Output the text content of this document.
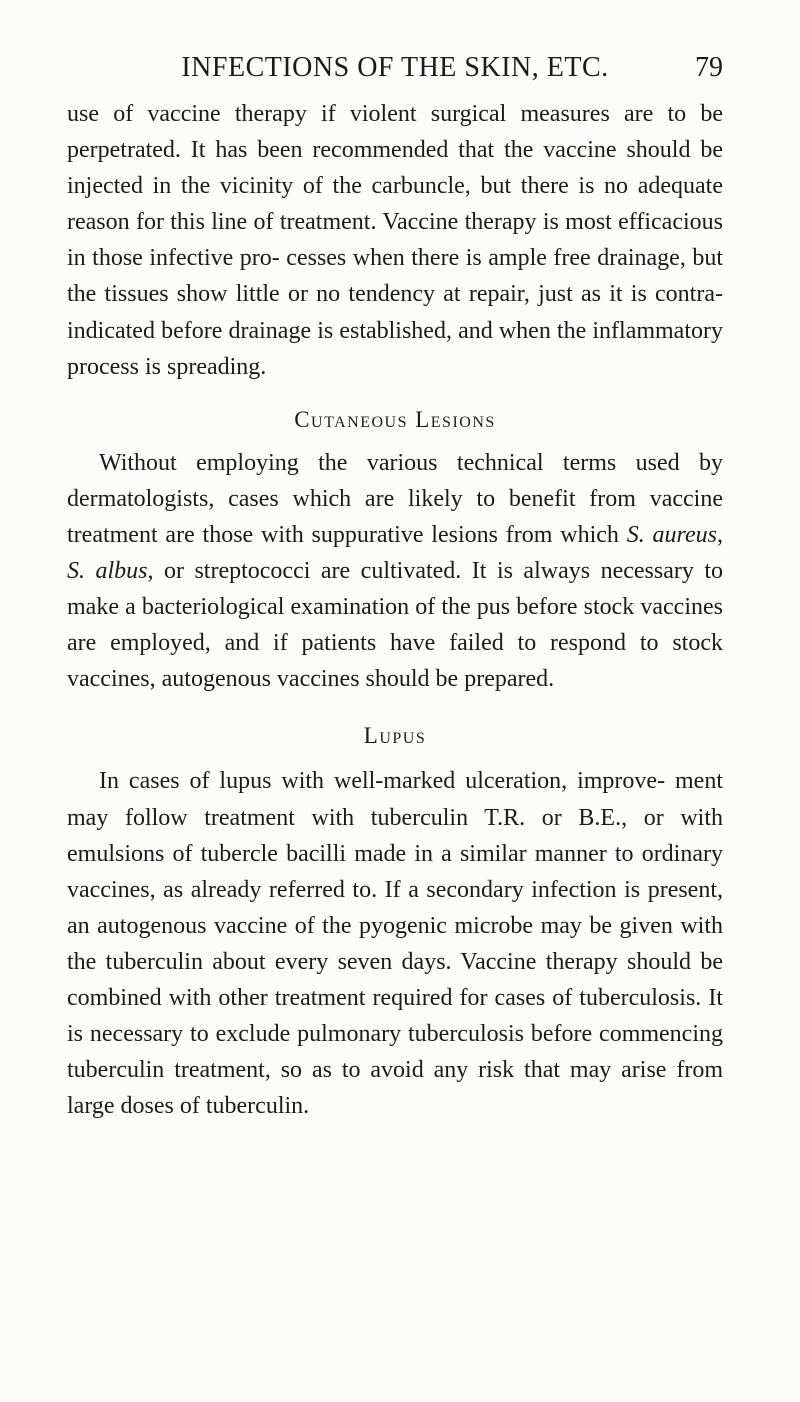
INFECTIONS OF THE SKIN, ETC.	79

use of vaccine therapy if violent surgical measures are to be perpetrated. It has been recommended that the vaccine should be injected in the vicinity of the carbuncle, but there is no adequate reason for this line of treatment. Vaccine therapy is most efficacious in those infective pro- cesses when there is ample free drainage, but the tissues show little or no tendency at repair, just as it is contra- indicated before drainage is established, and when the inflammatory process is spreading.

Cutaneous Lesions

Without employing the various technical terms used by dermatologists, cases which are likely to benefit from vaccine treatment are those with suppurative lesions from which S. aureus, S. albus, or streptococci are cultivated. It is always necessary to make a bacteriological examination of the pus before stock vaccines are employed, and if patients have failed to respond to stock vaccines, autogenous vaccines should be prepared.

Lupus

In cases of lupus with well-marked ulceration, improve- ment may follow treatment with tuberculin T.R. or B.E., or with emulsions of tubercle bacilli made in a similar manner to ordinary vaccines, as already referred to. If a secondary infection is present, an autogenous vaccine of the pyogenic microbe may be given with the tuberculin about every seven days. Vaccine therapy should be combined with other treatment required for cases of tuberculosis. It is necessary to exclude pulmonary tuberculosis before commencing tuberculin treatment, so as to avoid any risk that may arise from large doses of tuberculin.
